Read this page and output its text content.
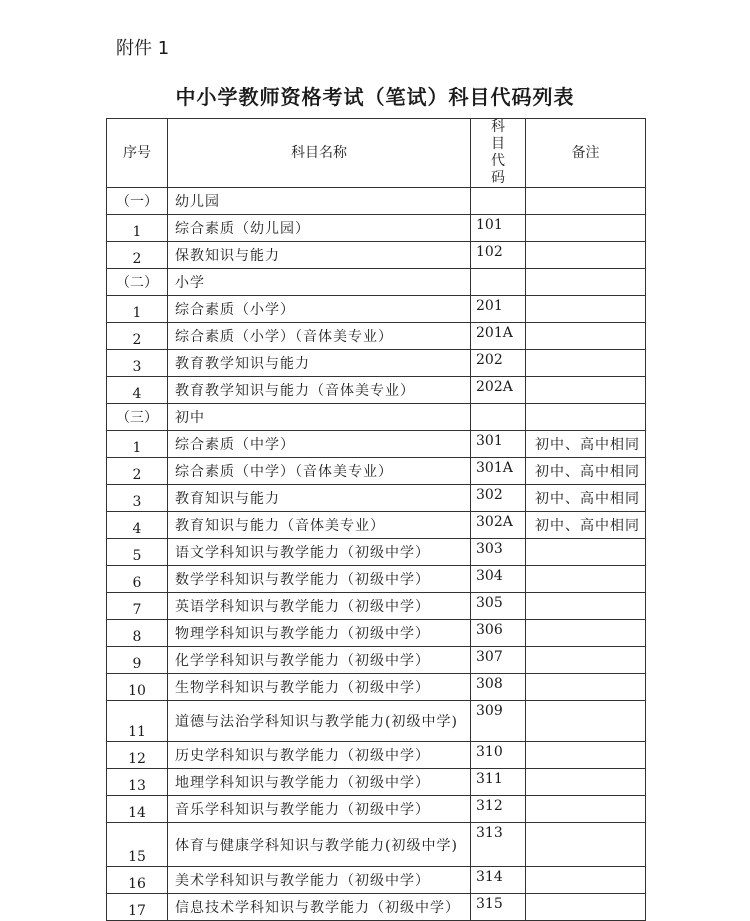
附件 1
中小学教师资格考试（笔试）科目代码列表
序号	科目名称	科目代码	备注
（一）	幼儿园		
1	综合素质（幼儿园）	101	
2	保教知识与能力	102	
（二）	小学		
1	综合素质（小学）	201	
2	综合素质（小学）（音体美专业）	201A	
3	教育教学知识与能力	202	
4	教育教学知识与能力（音体美专业）	202A	
（三）	初中		
1	综合素质（中学）	301	初中、高中相同
2	综合素质（中学）（音体美专业）	301A	初中、高中相同
3	教育知识与能力	302	初中、高中相同
4	教育知识与能力（音体美专业）	302A	初中、高中相同
5	语文学科知识与教学能力（初级中学）	303	
6	数学学科知识与教学能力（初级中学）	304	
7	英语学科知识与教学能力（初级中学）	305	
8	物理学科知识与教学能力（初级中学）	306	
9	化学学科知识与教学能力（初级中学）	307	
10	生物学科知识与教学能力（初级中学）	308	
11	道德与法治学科知识与教学能力(初级中学)	309	
12	历史学科知识与教学能力（初级中学）	310	
13	地理学科知识与教学能力（初级中学）	311	
14	音乐学科知识与教学能力（初级中学）	312	
15	体育与健康学科知识与教学能力(初级中学)	313	
16	美术学科知识与教学能力（初级中学）	314	
17	信息技术学科知识与教学能力（初级中学）	315	
